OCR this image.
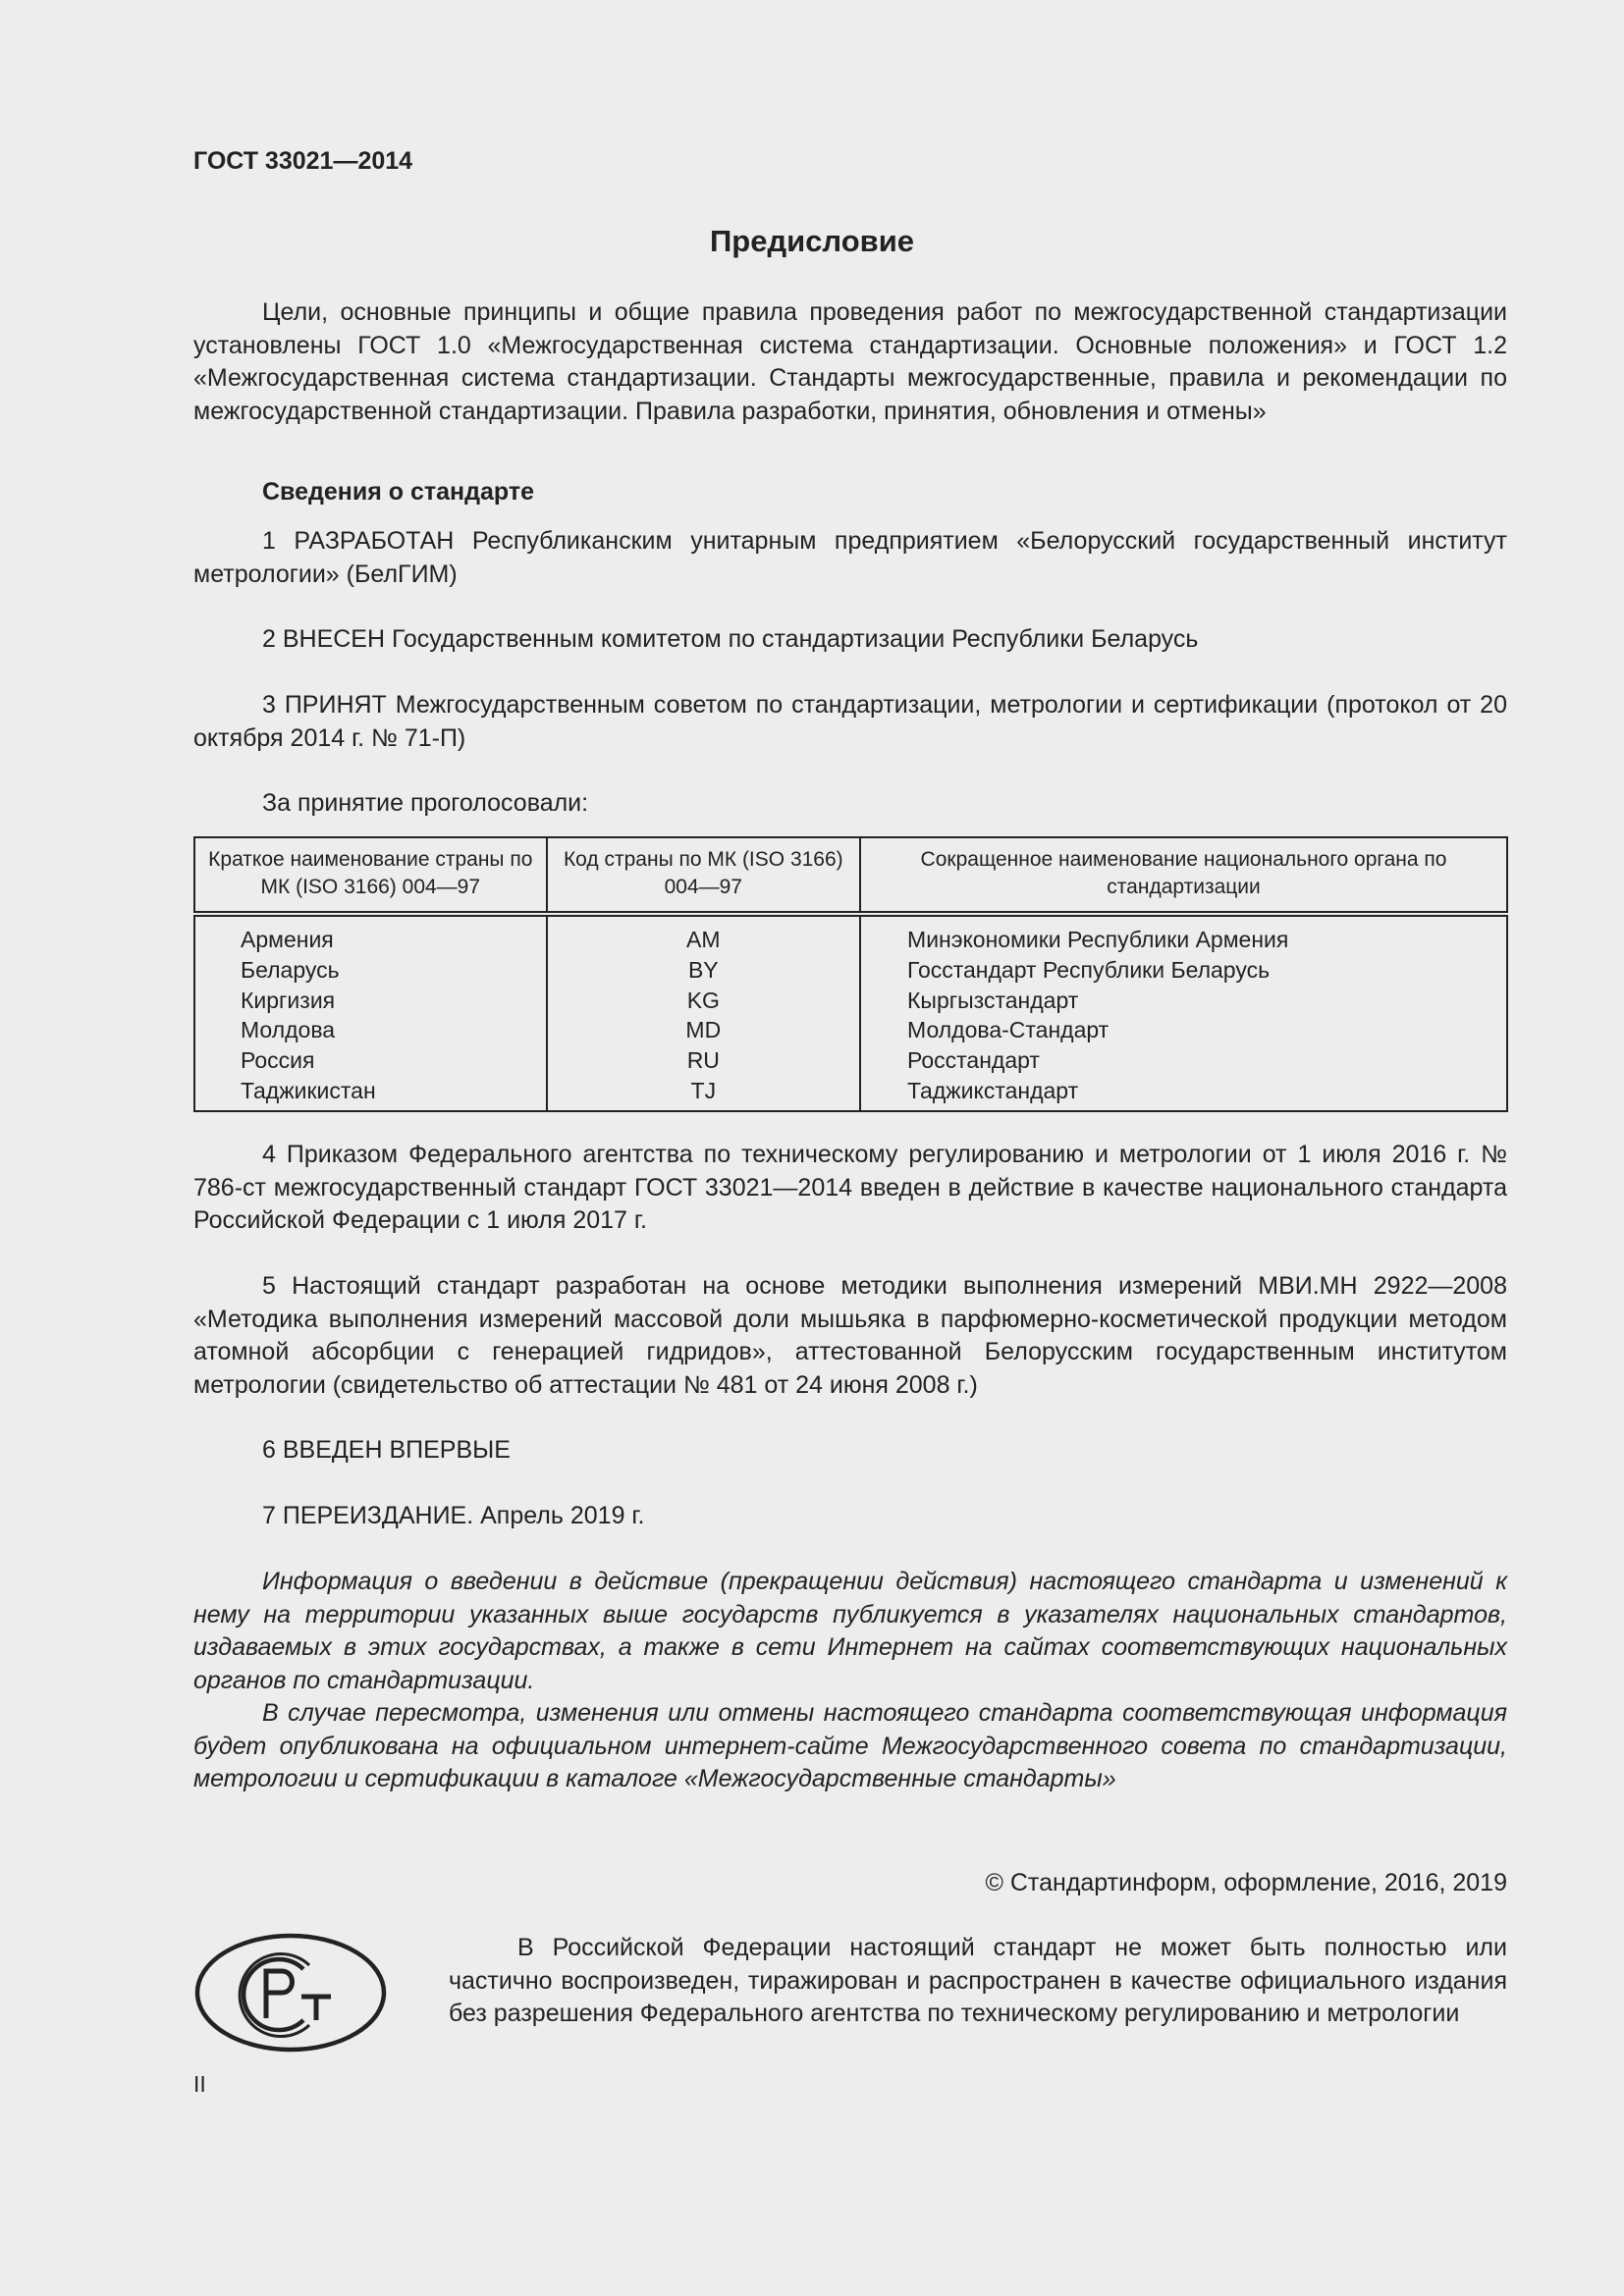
ГОСТ 33021—2014
Предисловие

Цели, основные принципы и общие правила проведения работ по межгосударственной стандартизации установлены ГОСТ 1.0 «Межгосударственная система стандартизации. Основные положения» и ГОСТ 1.2 «Межгосударственная система стандартизации. Стандарты межгосударственные, правила и рекомендации по межгосударственной стандартизации. Правила разработки, принятия, обновления и отмены»

Сведения о стандарте

1 РАЗРАБОТАН Республиканским унитарным предприятием «Белорусский государственный институт метрологии» (БелГИМ)

2 ВНЕСЕН Государственным комитетом по стандартизации Республики Беларусь

3 ПРИНЯТ Межгосударственным советом по стандартизации, метрологии и сертификации (протокол от 20 октября 2014 г. № 71-П)

За принятие проголосовали:

Краткое наименование страны по МК (ISO 3166) 004—97	Код страны по МК (ISO 3166) 004—97	Сокращенное наименование национального органа по стандартизации
Армения	AM	Минэкономики Республики Армения
Беларусь	BY	Госстандарт Республики Беларусь
Киргизия	KG	Кыргызстандарт
Молдова	MD	Молдова-Стандарт
Россия	RU	Росстандарт
Таджикистан	TJ	Таджикстандарт

4 Приказом Федерального агентства по техническому регулированию и метрологии от 1 июля 2016 г. № 786-ст межгосударственный стандарт ГОСТ 33021—2014 введен в действие в качестве национального стандарта Российской Федерации с 1 июля 2017 г.

5 Настоящий стандарт разработан на основе методики выполнения измерений МВИ.МН 2922—2008 «Методика выполнения измерений массовой доли мышьяка в парфюмерно-косметической продукции методом атомной абсорбции с генерацией гидридов», аттестованной Белорусским государственным институтом метрологии (свидетельство об аттестации № 481 от 24 июня 2008 г.)

6 ВВЕДЕН ВПЕРВЫЕ

7 ПЕРЕИЗДАНИЕ. Апрель 2019 г.

Информация о введении в действие (прекращении действия) настоящего стандарта и изменений к нему на территории указанных выше государств публикуется в указателях национальных стандартов, издаваемых в этих государствах, а также в сети Интернет на сайтах соответствующих национальных органов по стандартизации.

В случае пересмотра, изменения или отмены настоящего стандарта соответствующая информация будет опубликована на официальном интернет-сайте Межгосударственного совета по стандартизации, метрологии и сертификации в каталоге «Межгосударственные стандарты»

© Стандартинформ, оформление, 2016, 2019

В Российской Федерации настоящий стандарт не может быть полностью или частично воспроизведен, тиражирован и распространен в качестве официального издания без разрешения Федерального агентства по техническому регулированию и метрологии

II
